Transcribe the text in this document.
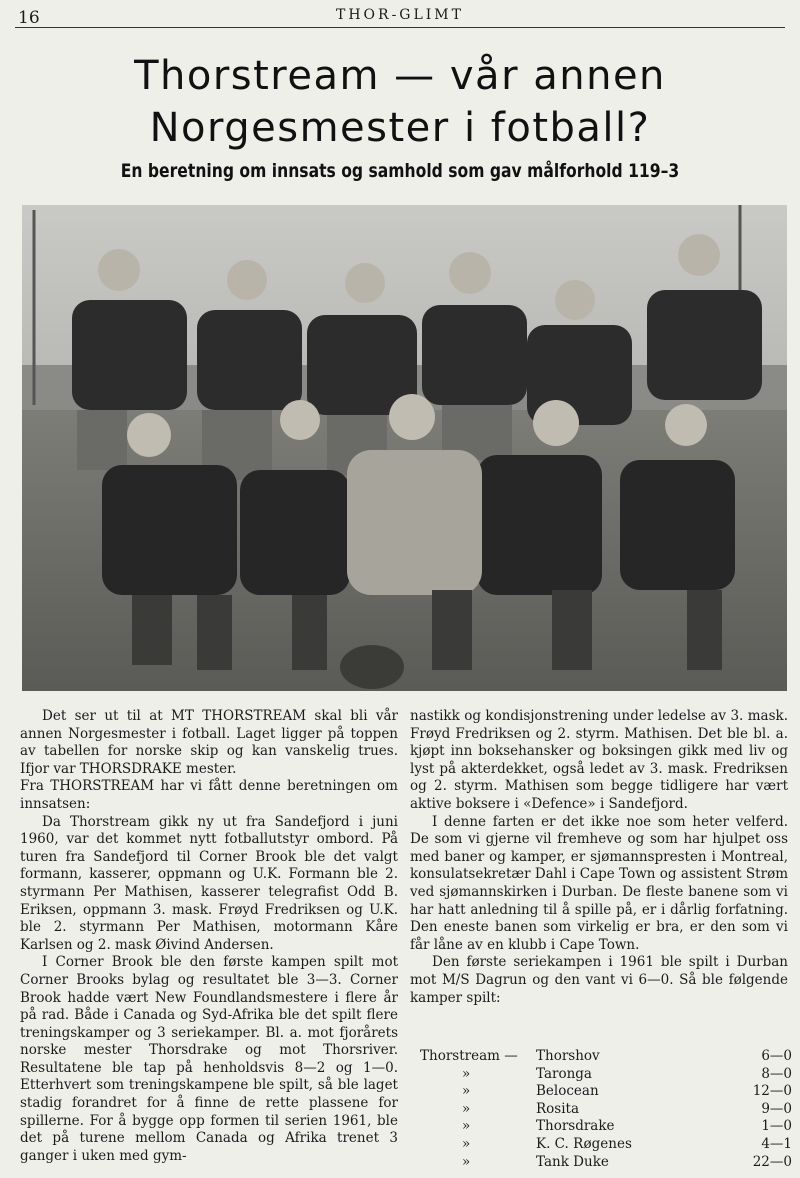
16	THOR-GLIMT
Thorstream — vår annen
Norgesmester i fotball?
En beretning om innsats og samhold som gav målforhold 119–3

Det ser ut til at MT THORSTREAM skal bli vår annen Norgesmester i fotball. Laget ligger på toppen av tabellen for norske skip og kan vanskelig trues. Ifjor var THORSDRAKE mester.

Fra THORSTREAM har vi fått denne beretningen om innsatsen:

Da Thorstream gikk ny ut fra Sandefjord i juni 1960, var det kommet nytt fotballutstyr ombord. På turen fra Sandefjord til Corner Brook ble det valgt formann, kasserer, oppmann og U.K. Formann ble 2. styrmann Per Mathisen, kasserer telegrafist Odd B. Eriksen, oppmann 3. mask. Frøyd Fredriksen og U.K. ble 2. styrmann Per Mathisen, motormann Kåre Karlsen og 2. mask Øivind Andersen.

I Corner Brook ble den første kampen spilt mot Corner Brooks bylag og resultatet ble 3—3. Corner Brook hadde vært New Foundlandsmestere i flere år på rad. Både i Canada og Syd-Afrika ble det spilt flere treningskamper og 3 seriekamper. Bl. a. mot fjorårets norske mester Thorsdrake og mot Thorsriver. Resultatene ble tap på henholdsvis 8—2 og 1—0. Etterhvert som treningskampene ble spilt, så ble laget stadig forandret for å finne de rette plassene for spillerne. For å bygge opp formen til serien 1961, ble det på turene mellom Canada og Afrika trenet 3 ganger i uken med gym-

nastikk og kondisjonstrening under ledelse av 3. mask. Frøyd Fredriksen og 2. styrm. Mathisen. Det ble bl. a. kjøpt inn boksehansker og boksingen gikk med liv og lyst på akterdekket, også ledet av 3. mask. Fredriksen og 2. styrm. Mathisen som begge tidligere har vært aktive boksere i «Defence» i Sandefjord.

I denne farten er det ikke noe som heter velferd. De som vi gjerne vil fremheve og som har hjulpet oss med baner og kamper, er sjømannspresten i Montreal, konsulatsekretær Dahl i Cape Town og assistent Strøm ved sjømannskirken i Durban. De fleste banene som vi har hatt anledning til å spille på, er i dårlig forfatning. Den eneste banen som virkelig er bra, er den som vi får låne av en klubb i Cape Town.

Den første seriekampen i 1961 ble spilt i Durban mot M/S Dagrun og den vant vi 6—0. Så ble følgende kamper spilt:

Thorstream — Thorshov	6—0
»	Taronga	8—0
»	Belocean	12—0
»	Rosita	9—0
»	Thorsdrake	1—0
»	K. C. Røgenes	4—1
»	Tank Duke	22—0
